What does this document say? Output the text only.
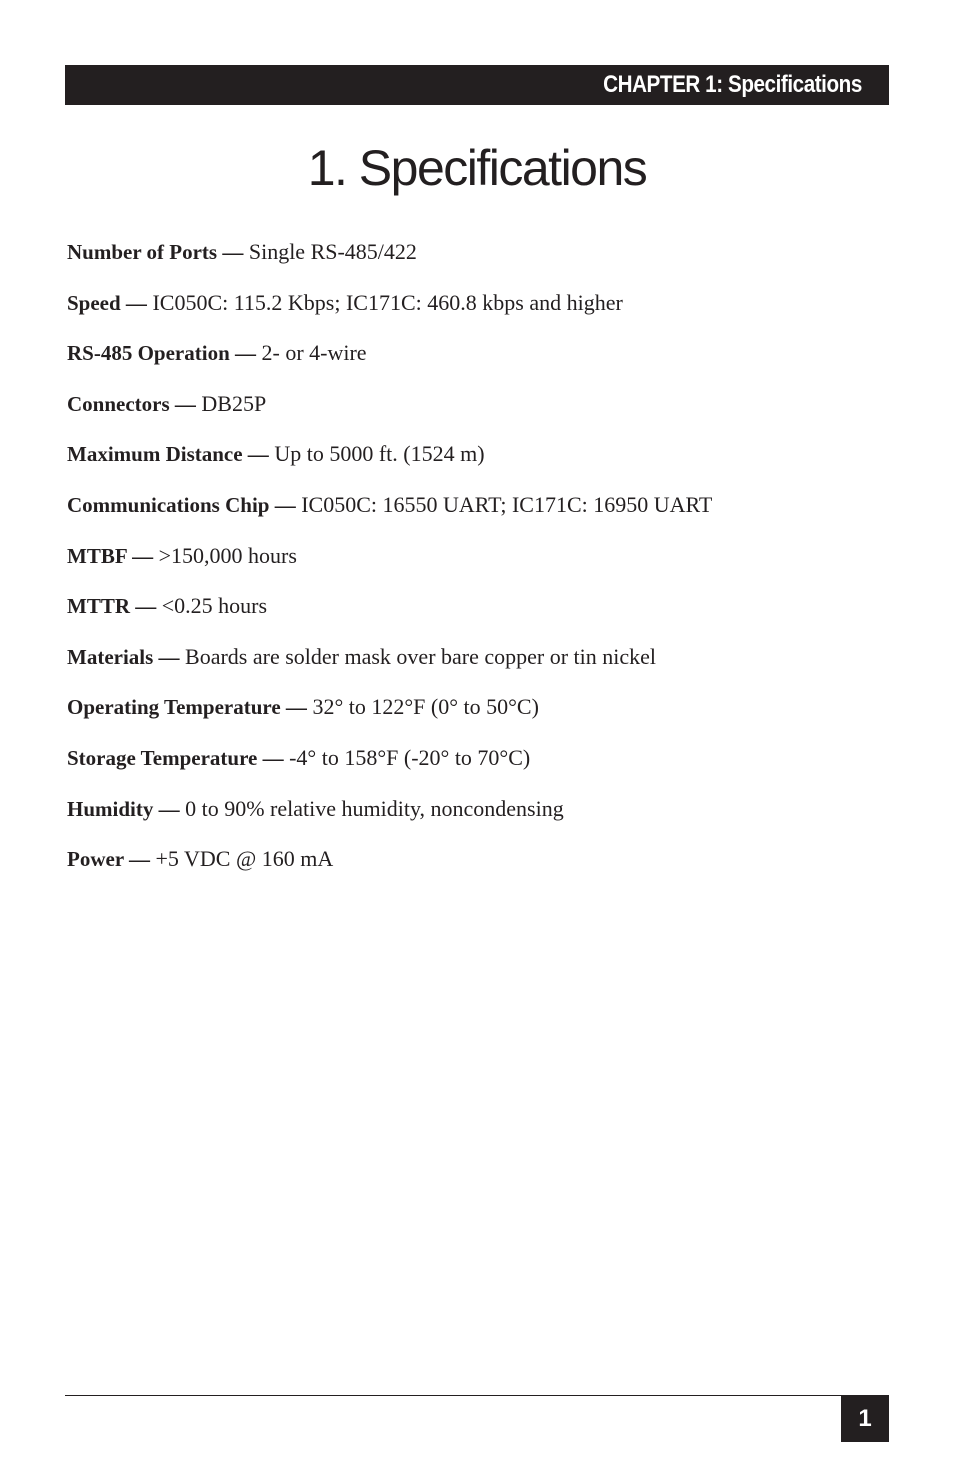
CHAPTER 1: Specifications
1. Specifications
Number of Ports — Single RS-485/422
Speed — IC050C: 115.2 Kbps; IC171C: 460.8 kbps and higher
RS-485 Operation — 2- or 4-wire
Connectors — DB25P
Maximum Distance — Up to 5000 ft. (1524 m)
Communications Chip — IC050C: 16550 UART; IC171C: 16950 UART
MTBF — >150,000 hours
MTTR — <0.25 hours
Materials — Boards are solder mask over bare copper or tin nickel
Operating Temperature — 32° to 122°F (0° to 50°C)
Storage Temperature — -4° to 158°F (-20° to 70°C)
Humidity — 0 to 90% relative humidity, noncondensing
Power — +5 VDC @ 160 mA
1
